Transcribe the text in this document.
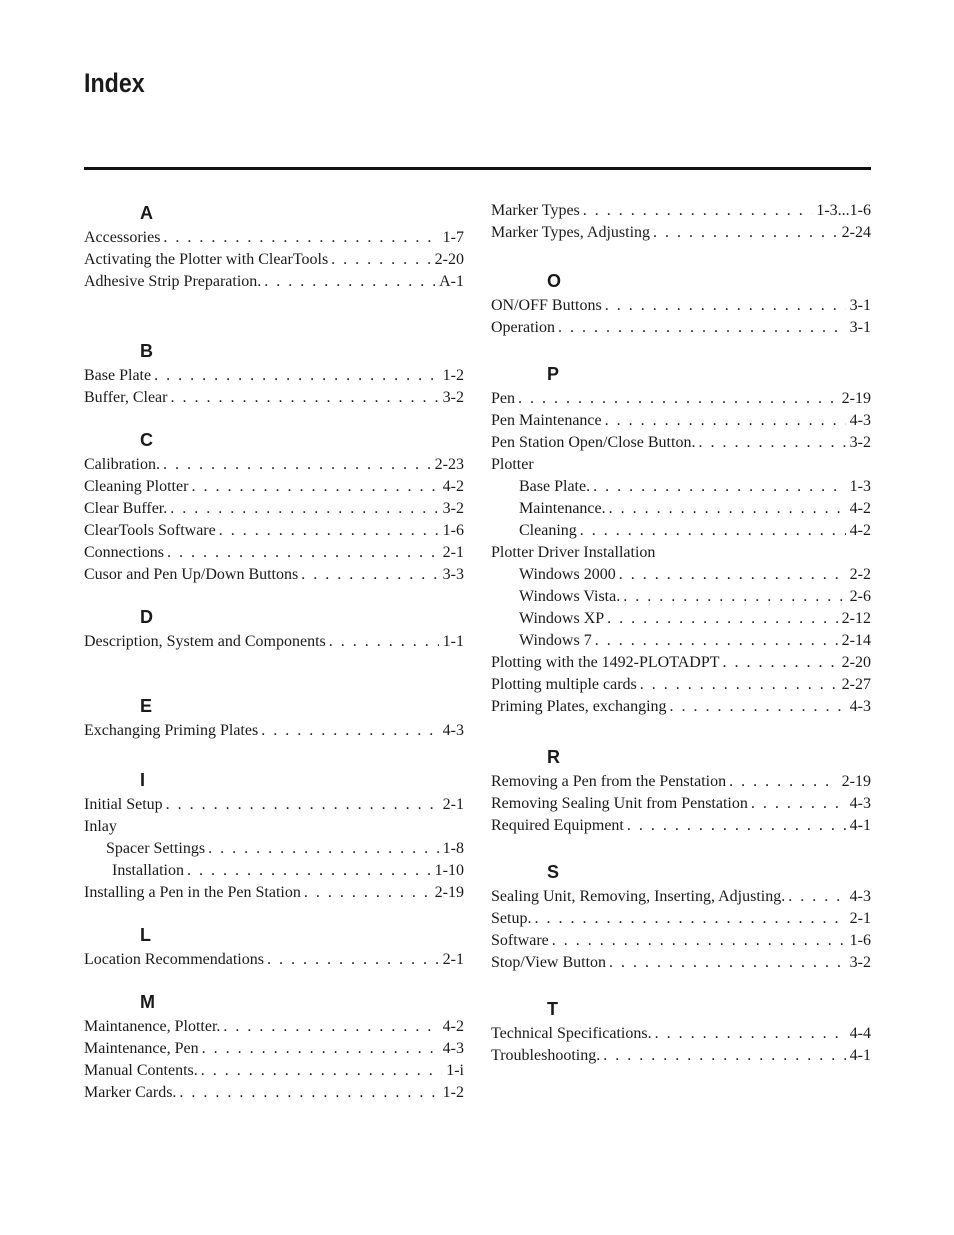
Index
A
Accessories . . .	1-7
Activating the Plotter with ClearTools . . .	2-20
Adhesive Strip Preparation. . . .	A-1
B
Base Plate . . .	1-2
Buffer, Clear . . .	3-2
C
Calibration. . . .	2-23
Cleaning Plotter . . .	4-2
Clear Buffer. . . .	3-2
ClearTools Software . . .	1-6
Connections . . .	2-1
Cusor and Pen Up/Down Buttons . . .	3-3
D
Description, System and Components . . .	1-1
E
Exchanging Priming Plates . . .	4-3
I
Initial Setup . . .	2-1
Inlay
Spacer Settings . . .	1-8
Installation . . .	1-10
Installing a Pen in the Pen Station . . .	2-19
L
Location Recommendations . . .	2-1
M
Maintanence, Plotter. . . .	4-2
Maintenance, Pen . . .	4-3
Manual Contents. . . .	1-i
Marker Cards. . . .	1-2
Marker Types . . .	1-3...1-6
Marker Types, Adjusting . . .	2-24
O
ON/OFF Buttons . . .	3-1
Operation . . .	3-1
P
Pen . . .	2-19
Pen Maintenance . . .	4-3
Pen Station Open/Close Button. . . .	3-2
Plotter
Base Plate. . . .	1-3
Maintenance. . . .	4-2
Cleaning . . .	4-2
Plotter Driver Installation
Windows 2000 . . .	2-2
Windows Vista. . . .	2-6
Windows XP . . .	2-12
Windows 7 . . .	2-14
Plotting with the 1492-PLOTADPT . . .	2-20
Plotting multiple cards . . .	2-27
Priming Plates, exchanging . . .	4-3
R
Removing a Pen from the Penstation . . .	2-19
Removing Sealing Unit from Penstation . . .	4-3
Required Equipment . . .	4-1
S
Sealing Unit, Removing, Inserting, Adjusting. . . .	4-3
Setup. . . .	2-1
Software . . .	1-6
Stop/View Button . . .	3-2
T
Technical Specifications. . . .	4-4
Troubleshooting. . . .	4-1
